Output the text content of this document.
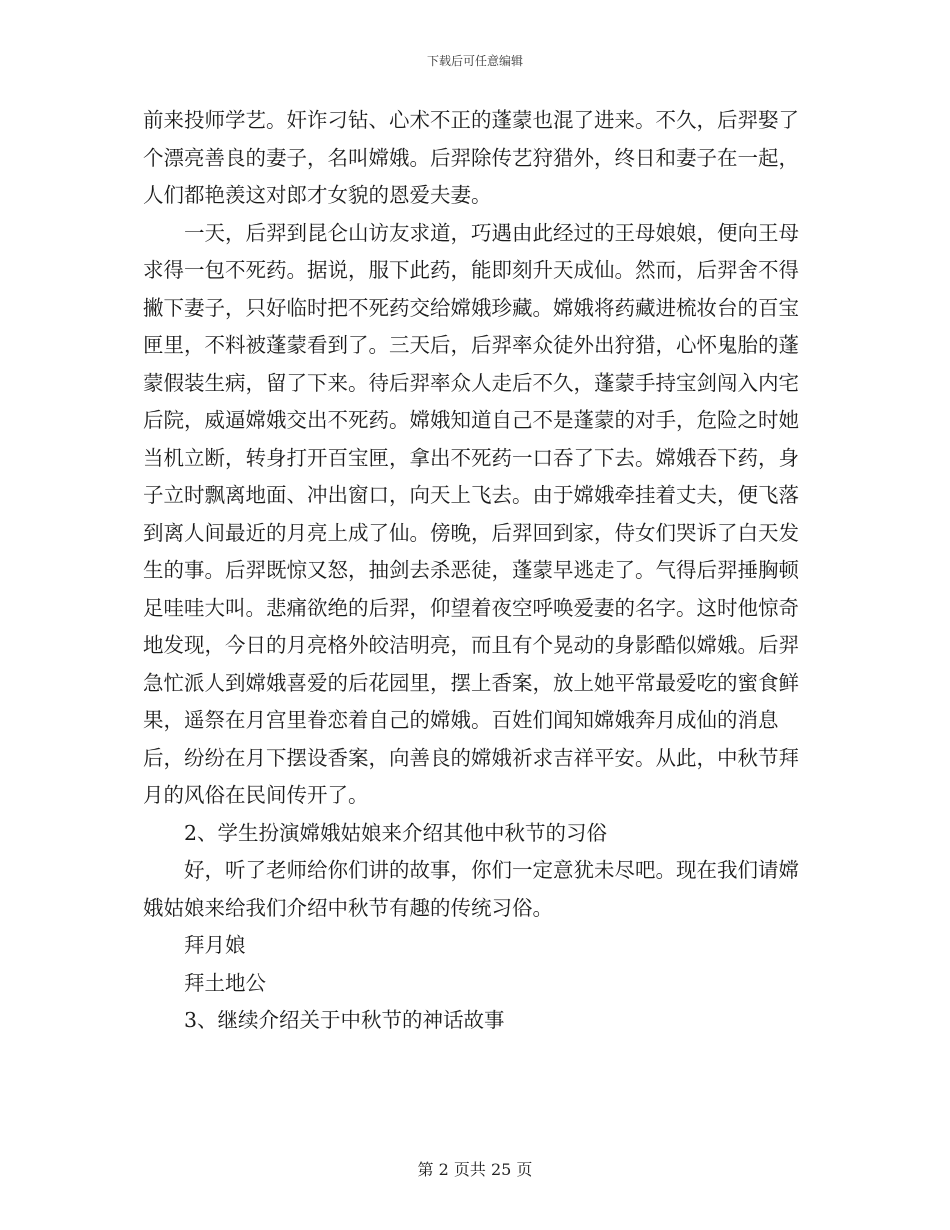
下载后可任意编辑

前来投师学艺。奸诈刁钻、心术不正的蓬蒙也混了进来。不久，后羿娶了个漂亮善良的妻子，名叫嫦娥。后羿除传艺狩猎外，终日和妻子在一起，人们都艳羡这对郎才女貌的恩爱夫妻。

一天，后羿到昆仑山访友求道，巧遇由此经过的王母娘娘，便向王母求得一包不死药。据说，服下此药，能即刻升天成仙。然而，后羿舍不得撇下妻子，只好临时把不死药交给嫦娥珍藏。嫦娥将药藏进梳妆台的百宝匣里，不料被蓬蒙看到了。三天后，后羿率众徒外出狩猎，心怀鬼胎的蓬蒙假装生病，留了下来。待后羿率众人走后不久，蓬蒙手持宝剑闯入内宅后院，威逼嫦娥交出不死药。嫦娥知道自己不是蓬蒙的对手，危险之时她当机立断，转身打开百宝匣，拿出不死药一口吞了下去。嫦娥吞下药，身子立时飘离地面、冲出窗口，向天上飞去。由于嫦娥牵挂着丈夫，便飞落到离人间最近的月亮上成了仙。傍晚，后羿回到家，侍女们哭诉了白天发生的事。后羿既惊又怒，抽剑去杀恶徒，蓬蒙早逃走了。气得后羿捶胸顿足哇哇大叫。悲痛欲绝的后羿，仰望着夜空呼唤爱妻的名字。这时他惊奇地发现，今日的月亮格外皎洁明亮，而且有个晃动的身影酷似嫦娥。后羿急忙派人到嫦娥喜爱的后花园里，摆上香案，放上她平常最爱吃的蜜食鲜果，遥祭在月宫里眷恋着自己的嫦娥。百姓们闻知嫦娥奔月成仙的消息后，纷纷在月下摆设香案，向善良的嫦娥祈求吉祥平安。从此，中秋节拜月的风俗在民间传开了。

2、学生扮演嫦娥姑娘来介绍其他中秋节的习俗

好，听了老师给你们讲的故事，你们一定意犹未尽吧。现在我们请嫦娥姑娘来给我们介绍中秋节有趣的传统习俗。

拜月娘

拜土地公

3、继续介绍关于中秋节的神话故事

第 2 页共 25 页
